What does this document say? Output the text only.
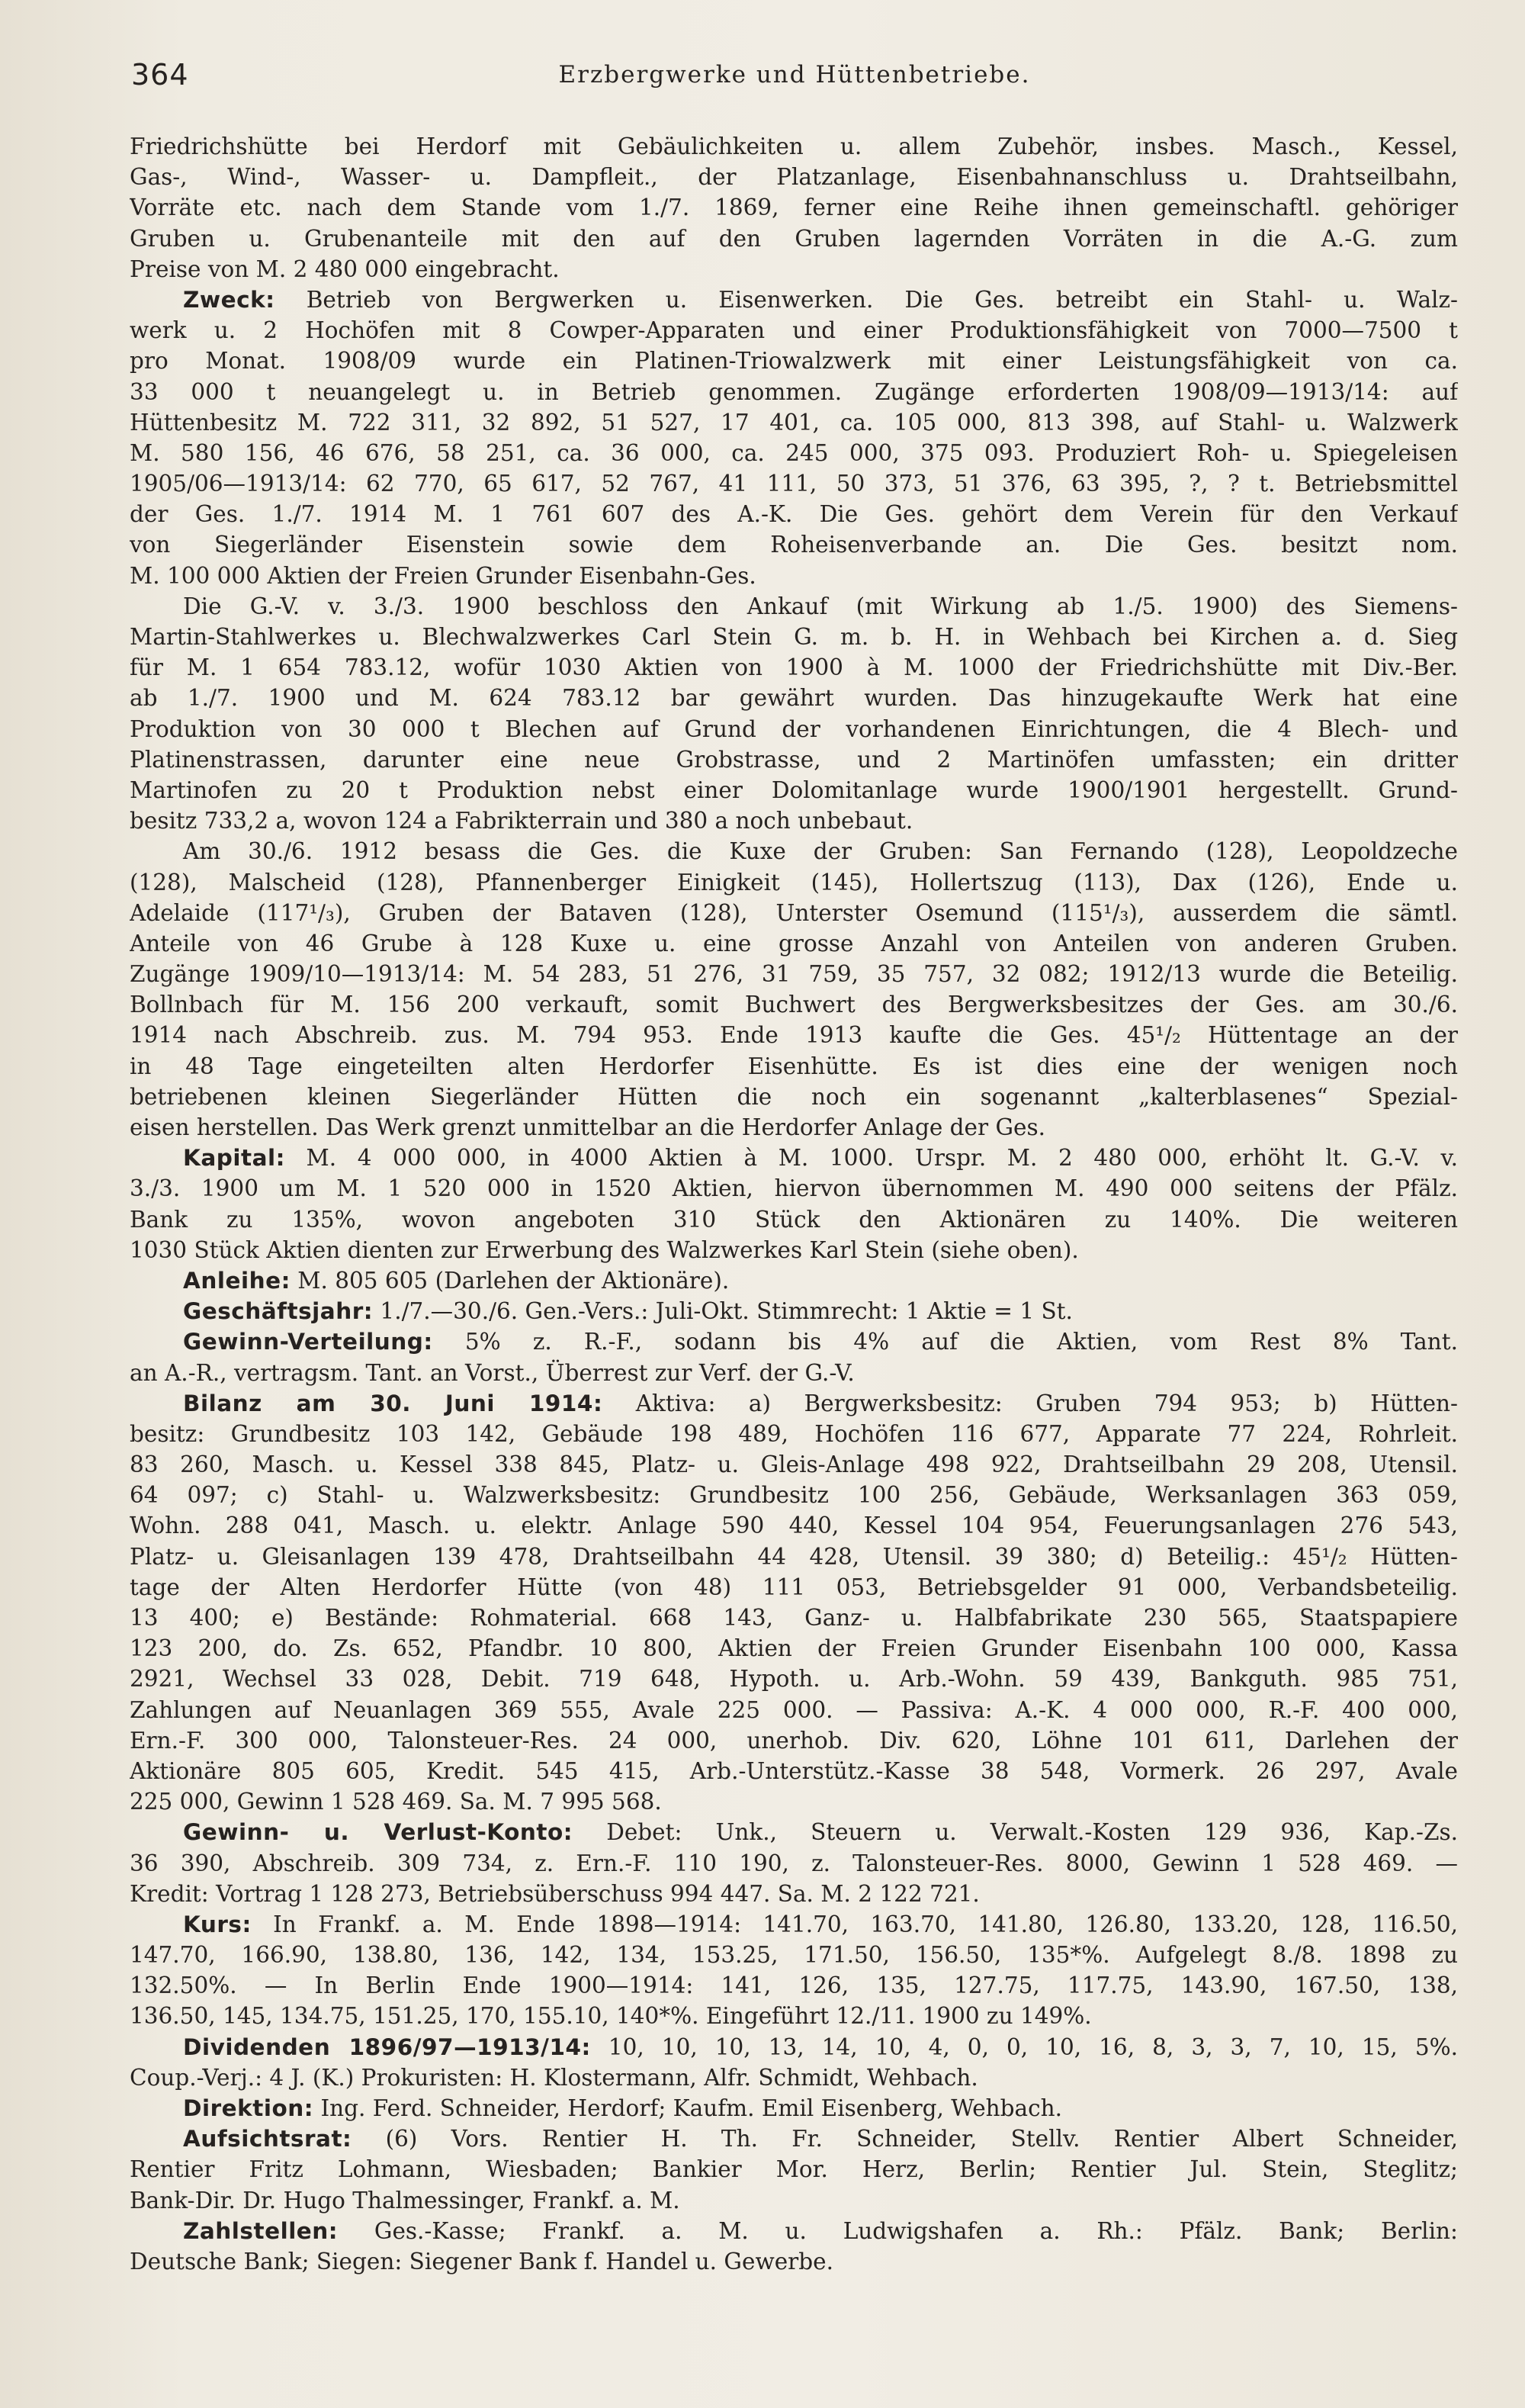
364	Erzbergwerke und Hüttenbetriebe.
Friedrichshütte bei Herdorf mit Gebäulichkeiten u. allem Zubehör, insbes. Masch., Kessel,
Gas-, Wind-, Wasser- u. Dampfleit., der Platzanlage, Eisenbahnanschluss u. Drahtseilbahn,
Vorräte etc. nach dem Stande vom 1./7. 1869, ferner eine Reihe ihnen gemeinschaftl. gehöriger
Gruben u. Grubenanteile mit den auf den Gruben lagernden Vorräten in die A.-G. zum
Preise von M. 2 480 000 eingebracht.
Zweck: Betrieb von Bergwerken u. Eisenwerken. Die Ges. betreibt ein Stahl- u. Walz-
werk u. 2 Hochöfen mit 8 Cowper-Apparaten und einer Produktionsfähigkeit von 7000—7500 t
pro Monat. 1908/09 wurde ein Platinen-Triowalzwerk mit einer Leistungsfähigkeit von ca.
33 000 t neuangelegt u. in Betrieb genommen. Zugänge erforderten 1908/09—1913/14: auf
Hüttenbesitz M. 722 311, 32 892, 51 527, 17 401, ca. 105 000, 813 398, auf Stahl- u. Walzwerk
M. 580 156, 46 676, 58 251, ca. 36 000, ca. 245 000, 375 093. Produziert Roh- u. Spiegeleisen
1905/06—1913/14: 62 770, 65 617, 52 767, 41 111, 50 373, 51 376, 63 395, ?, ? t. Betriebsmittel
der Ges. 1./7. 1914 M. 1 761 607 des A.-K. Die Ges. gehört dem Verein für den Verkauf
von Siegerländer Eisenstein sowie dem Roheisenverbande an. Die Ges. besitzt nom.
M. 100 000 Aktien der Freien Grunder Eisenbahn-Ges.
Die G.-V. v. 3./3. 1900 beschloss den Ankauf (mit Wirkung ab 1./5. 1900) des Siemens-
Martin-Stahlwerkes u. Blechwalzwerkes Carl Stein G. m. b. H. in Wehbach bei Kirchen a. d. Sieg
für M. 1 654 783.12, wofür 1030 Aktien von 1900 à M. 1000 der Friedrichshütte mit Div.-Ber.
ab 1./7. 1900 und M. 624 783.12 bar gewährt wurden. Das hinzugekaufte Werk hat eine
Produktion von 30 000 t Blechen auf Grund der vorhandenen Einrichtungen, die 4 Blech- und
Platinenstrassen, darunter eine neue Grobstrasse, und 2 Martinöfen umfassten; ein dritter
Martinofen zu 20 t Produktion nebst einer Dolomitanlage wurde 1900/1901 hergestellt. Grund-
besitz 733,2 a, wovon 124 a Fabrikterrain und 380 a noch unbebaut.
Am 30./6. 1912 besass die Ges. die Kuxe der Gruben: San Fernando (128), Leopoldzeche
(128), Malscheid (128), Pfannenberger Einigkeit (145), Hollertszug (113), Dax (126), Ende u.
Adelaide (117¹/₃), Gruben der Bataven (128), Unterster Osemund (115¹/₃), ausserdem die sämtl.
Anteile von 46 Grube à 128 Kuxe u. eine grosse Anzahl von Anteilen von anderen Gruben.
Zugänge 1909/10—1913/14: M. 54 283, 51 276, 31 759, 35 757, 32 082; 1912/13 wurde die Beteilig.
Bollnbach für M. 156 200 verkauft, somit Buchwert des Bergwerksbesitzes der Ges. am 30./6.
1914 nach Abschreib. zus. M. 794 953. Ende 1913 kaufte die Ges. 45¹/₂ Hüttentage an der
in 48 Tage eingeteilten alten Herdorfer Eisenhütte. Es ist dies eine der wenigen noch
betriebenen kleinen Siegerländer Hütten die noch ein sogenannt „kalterblasenes“ Spezial-
eisen herstellen. Das Werk grenzt unmittelbar an die Herdorfer Anlage der Ges.
Kapital: M. 4 000 000, in 4000 Aktien à M. 1000. Urspr. M. 2 480 000, erhöht lt. G.-V. v.
3./3. 1900 um M. 1 520 000 in 1520 Aktien, hiervon übernommen M. 490 000 seitens der Pfälz.
Bank zu 135%, wovon angeboten 310 Stück den Aktionären zu 140%. Die weiteren
1030 Stück Aktien dienten zur Erwerbung des Walzwerkes Karl Stein (siehe oben).
Anleihe: M. 805 605 (Darlehen der Aktionäre).
Geschäftsjahr: 1./7.—30./6. Gen.-Vers.: Juli-Okt. Stimmrecht: 1 Aktie = 1 St.
Gewinn-Verteilung: 5% z. R.-F., sodann bis 4% auf die Aktien, vom Rest 8% Tant.
an A.-R., vertragsm. Tant. an Vorst., Überrest zur Verf. der G.-V.
Bilanz am 30. Juni 1914: Aktiva: a) Bergwerksbesitz: Gruben 794 953; b) Hütten-
besitz: Grundbesitz 103 142, Gebäude 198 489, Hochöfen 116 677, Apparate 77 224, Rohrleit.
83 260, Masch. u. Kessel 338 845, Platz- u. Gleis-Anlage 498 922, Drahtseilbahn 29 208, Utensil.
64 097; c) Stahl- u. Walzwerksbesitz: Grundbesitz 100 256, Gebäude, Werksanlagen 363 059,
Wohn. 288 041, Masch. u. elektr. Anlage 590 440, Kessel 104 954, Feuerungsanlagen 276 543,
Platz- u. Gleisanlagen 139 478, Drahtseilbahn 44 428, Utensil. 39 380; d) Beteilig.: 45¹/₂ Hütten-
tage der Alten Herdorfer Hütte (von 48) 111 053, Betriebsgelder 91 000, Verbandsbeteilig.
13 400; e) Bestände: Rohmaterial. 668 143, Ganz- u. Halbfabrikate 230 565, Staatspapiere
123 200, do. Zs. 652, Pfandbr. 10 800, Aktien der Freien Grunder Eisenbahn 100 000, Kassa
2921, Wechsel 33 028, Debit. 719 648, Hypoth. u. Arb.-Wohn. 59 439, Bankguth. 985 751,
Zahlungen auf Neuanlagen 369 555, Avale 225 000. — Passiva: A.-K. 4 000 000, R.-F. 400 000,
Ern.-F. 300 000, Talonsteuer-Res. 24 000, unerhob. Div. 620, Löhne 101 611, Darlehen der
Aktionäre 805 605, Kredit. 545 415, Arb.-Unterstütz.-Kasse 38 548, Vormerk. 26 297, Avale
225 000, Gewinn 1 528 469. Sa. M. 7 995 568.
Gewinn- u. Verlust-Konto: Debet: Unk., Steuern u. Verwalt.-Kosten 129 936, Kap.-Zs.
36 390, Abschreib. 309 734, z. Ern.-F. 110 190, z. Talonsteuer-Res. 8000, Gewinn 1 528 469. —
Kredit: Vortrag 1 128 273, Betriebsüberschuss 994 447. Sa. M. 2 122 721.
Kurs: In Frankf. a. M. Ende 1898—1914: 141.70, 163.70, 141.80, 126.80, 133.20, 128, 116.50,
147.70, 166.90, 138.80, 136, 142, 134, 153.25, 171.50, 156.50, 135*%. Aufgelegt 8./8. 1898 zu
132.50%. — In Berlin Ende 1900—1914: 141, 126, 135, 127.75, 117.75, 143.90, 167.50, 138,
136.50, 145, 134.75, 151.25, 170, 155.10, 140*%. Eingeführt 12./11. 1900 zu 149%.
Dividenden 1896/97—1913/14: 10, 10, 10, 13, 14, 10, 4, 0, 0, 10, 16, 8, 3, 3, 7, 10, 15, 5%.
Coup.-Verj.: 4 J. (K.) Prokuristen: H. Klostermann, Alfr. Schmidt, Wehbach.
Direktion: Ing. Ferd. Schneider, Herdorf; Kaufm. Emil Eisenberg, Wehbach.
Aufsichtsrat: (6) Vors. Rentier H. Th. Fr. Schneider, Stellv. Rentier Albert Schneider,
Rentier Fritz Lohmann, Wiesbaden; Bankier Mor. Herz, Berlin; Rentier Jul. Stein, Steglitz;
Bank-Dir. Dr. Hugo Thalmessinger, Frankf. a. M.
Zahlstellen: Ges.-Kasse; Frankf. a. M. u. Ludwigshafen a. Rh.: Pfälz. Bank; Berlin:
Deutsche Bank; Siegen: Siegener Bank f. Handel u. Gewerbe.
